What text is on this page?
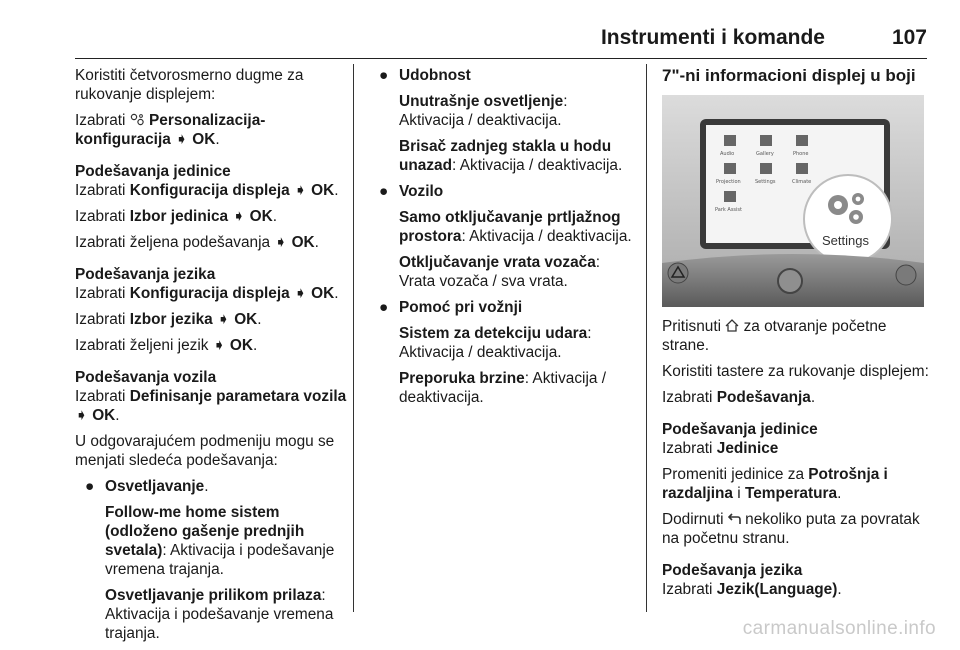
Instrumenti i komande	107

Koristiti četvorosmerno dugme za rukovanje displejem:

Izabrati Personalizacija-konfiguracija ➧ OK.

Podešavanja jedinice

Izabrati Konfiguracija displeja ➧ OK.

Izabrati Izbor jedinica ➧ OK.

Izabrati željena podešavanja ➧ OK.

Podešavanja jezika

Izabrati Konfiguracija displeja ➧ OK.

Izabrati Izbor jezika ➧ OK.

Izabrati željeni jezik ➧ OK.

Podešavanja vozila

Izabrati Definisanje parametara vozila ➧ OK.

U odgovarajućem podmeniju mogu se menjati sledeća podešavanja:

● Osvetljavanje.

Follow-me home sistem (odloženo gašenje prednjih svetala): Aktivacija i podešavanje vremena trajanja.

Osvetljavanje prilikom prilaza:
Aktivacija i podešavanje vremena trajanja.

● Udobnost

Unutrašnje osvetljenje:
Aktivacija / deaktivacija.

Brisač zadnjeg stakla u hodu unazad: Aktivacija / deaktivacija.

● Vozilo

Samo otključavanje prtljažnog prostora: Aktivacija / deaktivacija.

Otključavanje vrata vozača:
Vrata vozača / sva vrata.

● Pomoć pri vožnji

Sistem za detekciju udara:
Aktivacija / deaktivacija.

Preporuka brzine: Aktivacija / deaktivacija.

7"-ni informacioni displej u boji
Audio	Gallery	Phone
Projection	Settings	Climate
Park Assist
Settings

Pritisnuti za otvaranje početne strane.

Koristiti tastere za rukovanje displejem:

Izabrati Podešavanja.

Podešavanja jedinice

Izabrati Jedinice

Promeniti jedinice za Potrošnja i razdaljina i Temperatura.

Dodirnuti nekoliko puta za povratak na početnu stranu.

Podešavanja jezika

Izabrati Jezik(Language).

carmanualsonline.info
